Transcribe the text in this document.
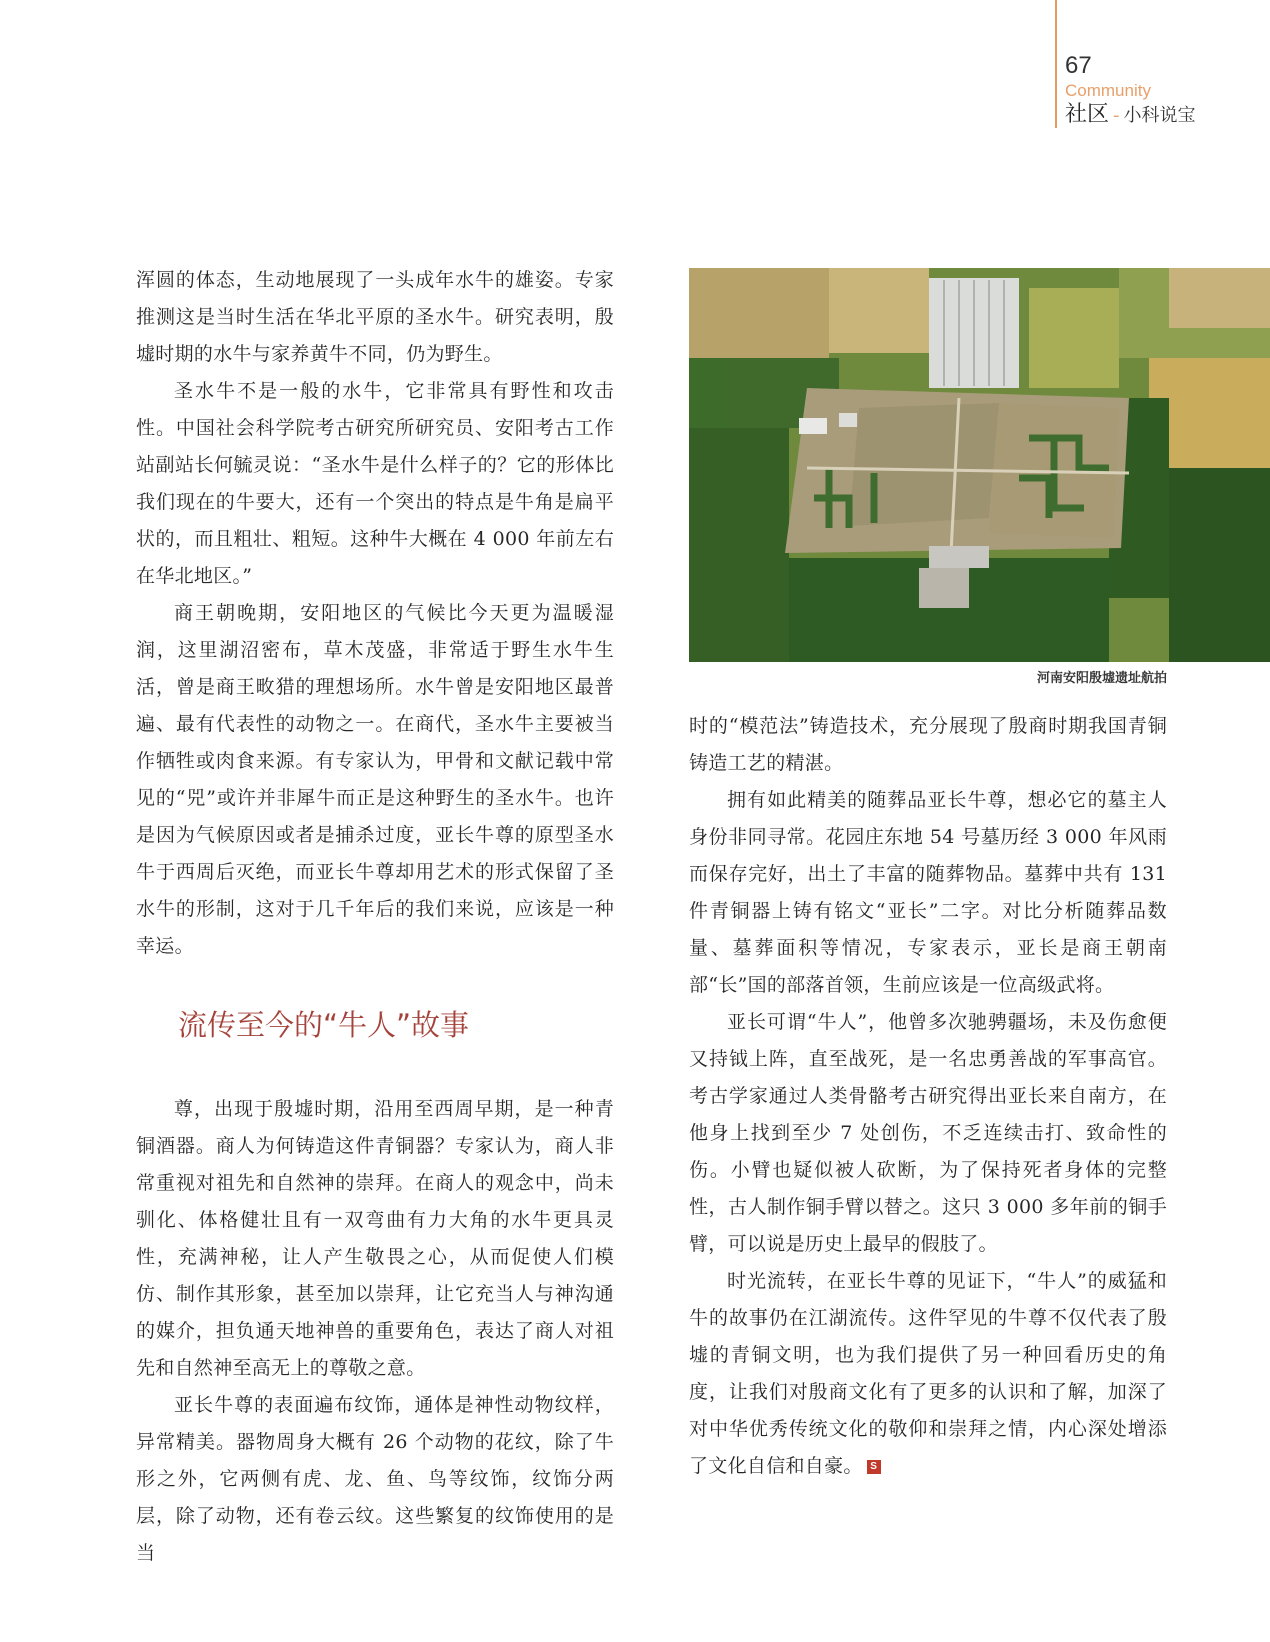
67
Community
社区 - 小科说宝

浑圆的体态，生动地展现了一头成年水牛的雄姿。专家推测这是当时生活在华北平原的圣水牛。研究表明，殷墟时期的水牛与家养黄牛不同，仍为野生。

圣水牛不是一般的水牛，它非常具有野性和攻击性。中国社会科学院考古研究所研究员、安阳考古工作站副站长何毓灵说：“圣水牛是什么样子的？它的形体比我们现在的牛要大，还有一个突出的特点是牛角是扁平状的，而且粗壮、粗短。这种牛大概在 4 000 年前左右在华北地区。”

商王朝晚期，安阳地区的气候比今天更为温暖湿润，这里湖沼密布，草木茂盛，非常适于野生水牛生活，曾是商王畋猎的理想场所。水牛曾是安阳地区最普遍、最有代表性的动物之一。在商代，圣水牛主要被当作牺牲或肉食来源。有专家认为，甲骨和文献记载中常见的“兕”或许并非犀牛而正是这种野生的圣水牛。也许是因为气候原因或者是捕杀过度，亚长牛尊的原型圣水牛于西周后灭绝，而亚长牛尊却用艺术的形式保留了圣水牛的形制，这对于几千年后的我们来说，应该是一种幸运。

流传至今的“牛人”故事

尊，出现于殷墟时期，沿用至西周早期，是一种青铜酒器。商人为何铸造这件青铜器？专家认为，商人非常重视对祖先和自然神的崇拜。在商人的观念中，尚未驯化、体格健壮且有一双弯曲有力大角的水牛更具灵性，充满神秘，让人产生敬畏之心，从而促使人们模仿、制作其形象，甚至加以崇拜，让它充当人与神沟通的媒介，担负通天地神兽的重要角色，表达了商人对祖先和自然神至高无上的尊敬之意。

亚长牛尊的表面遍布纹饰，通体是神性动物纹样，异常精美。器物周身大概有 26 个动物的花纹，除了牛形之外，它两侧有虎、龙、鱼、鸟等纹饰，纹饰分两层，除了动物，还有卷云纹。这些繁复的纹饰使用的是当

河南安阳殷墟遗址航拍

时的“模范法”铸造技术，充分展现了殷商时期我国青铜铸造工艺的精湛。

拥有如此精美的随葬品亚长牛尊，想必它的墓主人身份非同寻常。花园庄东地 54 号墓历经 3 000 年风雨而保存完好，出土了丰富的随葬物品。墓葬中共有 131 件青铜器上铸有铭文“亚长”二字。对比分析随葬品数量、墓葬面积等情况，专家表示，亚长是商王朝南部“长”国的部落首领，生前应该是一位高级武将。

亚长可谓“牛人”，他曾多次驰骋疆场，未及伤愈便又持钺上阵，直至战死，是一名忠勇善战的军事高官。考古学家通过人类骨骼考古研究得出亚长来自南方，在他身上找到至少 7 处创伤，不乏连续击打、致命性的伤。小臂也疑似被人砍断，为了保持死者身体的完整性，古人制作铜手臂以替之。这只 3 000 多年前的铜手臂，可以说是历史上最早的假肢了。

时光流转，在亚长牛尊的见证下，“牛人”的威猛和牛的故事仍在江湖流传。这件罕见的牛尊不仅代表了殷墟的青铜文明，也为我们提供了另一种回看历史的角度，让我们对殷商文化有了更多的认识和了解，加深了对中华优秀传统文化的敬仰和崇拜之情，内心深处增添了文化自信和自豪。 S
